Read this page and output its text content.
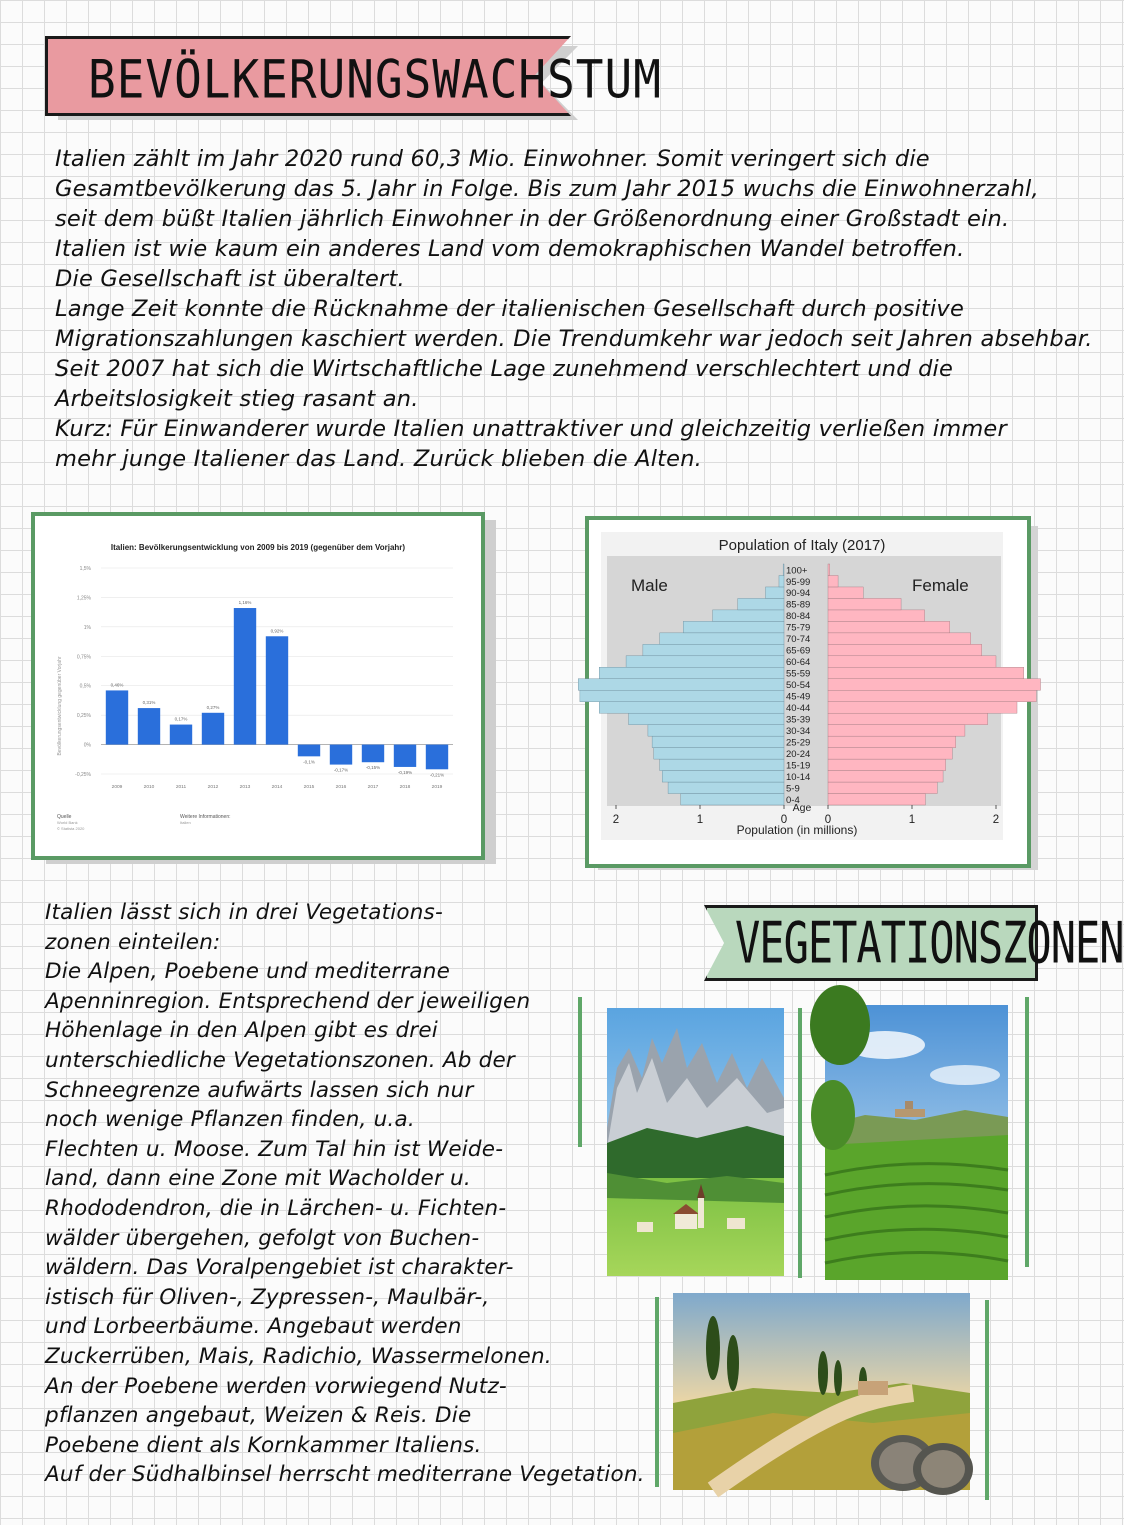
BEVÖLKERUNGSWACHSTUM

Italien zählt im Jahr 2020 rund 60,3 Mio. Einwohner. Somit veringert sich die

Gesamtbevölkerung das 5. Jahr in Folge. Bis zum Jahr 2015 wuchs die Einwohnerzahl,

seit dem büßt Italien jährlich Einwohner in der Größenordnung einer Großstadt ein.

Italien ist wie kaum ein anderes Land vom demokraphischen Wandel betroffen.

Die Gesellschaft ist überaltert.

Lange Zeit konnte die Rücknahme der italienischen Gesellschaft durch positive

Migrationszahlungen kaschiert werden. Die Trendumkehr war jedoch seit Jahren absehbar.

Seit 2007 hat sich die Wirtschaftliche Lage zunehmend verschlechtert und die

Arbeitslosigkeit stieg rasant an.

Kurz: Für Einwanderer wurde Italien unattraktiver und gleichzeitig verließen immer

mehr junge Italiener das Land. Zurück blieben die Alten.

Italien: Bevölkerungsentwicklung von 2009 bis 2019 (gegenüber dem Vorjahr)
Bevölkerungsentwicklung gegenüber Vorjahr
1,5%
1,25%
1%
0,75%
0,5%
0,25%
0%
-0,25%
0,46%
2009
0,31%
2010
0,17%
2011
0,27%
2012
1,16%
2013
0,92%
2014
-0,1%
2015
-0,17%
2016
-0,15%
2017
-0,19%
2018
-0,21%
2019
Quelle
World Bank
© Statista 2020
Weitere Informationen:
Italien
Population of Italy (2017)
Male	Female
0-4
5-9
10-14
15-19
20-24
25-29
30-34
35-39
40-44
45-49
50-54
55-59
60-64
65-69
70-74
75-79
80-84
85-89
90-94
95-99
100+
2	1	0	0	1	2
Age
Population (in millions)

Italien lässt sich in drei Vegetations-

zonen einteilen:

Die Alpen, Poebene und mediterrane

Apenninregion. Entsprechend der jeweiligen

Höhenlage in den Alpen gibt es drei

unterschiedliche Vegetationszonen. Ab der

Schneegrenze aufwärts lassen sich nur

noch wenige Pflanzen finden, u.a.

Flechten u. Moose. Zum Tal hin ist Weide-

land, dann eine Zone mit Wacholder u.

Rhododendron, die in Lärchen- u. Fichten-

wälder übergehen, gefolgt von Buchen-

wäldern. Das Voralpengebiet ist charakter-

istisch für Oliven-, Zypressen-, Maulbär-,

und Lorbeerbäume. Angebaut werden

Zuckerrüben, Mais, Radichio, Wassermelonen.

An der Poebene werden vorwiegend Nutz-

pflanzen angebaut, Weizen & Reis. Die

Poebene dient als Kornkammer Italiens.

Auf der Südhalbinsel herrscht mediterrane Vegetation.

VEGETATIONSZONEN
